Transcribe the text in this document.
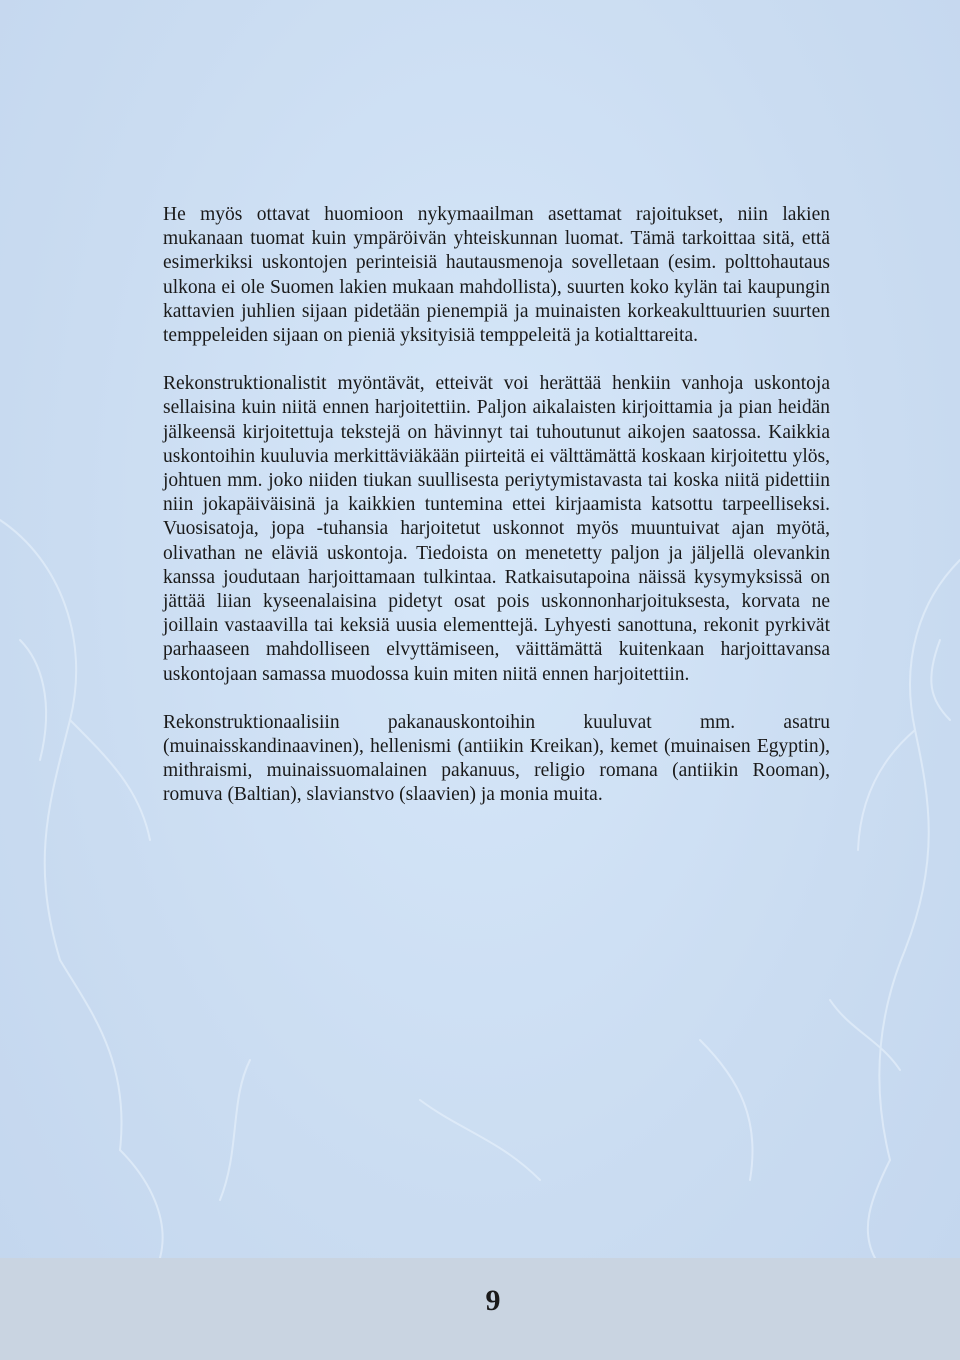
He myös ottavat huomioon nykymaailman asettamat rajoitukset, niin lakien mukanaan tuomat kuin ympäröivän yhteiskunnan luomat. Tämä tarkoittaa sitä, että esimerkiksi uskontojen perinteisiä hautausmenoja sovelletaan (esim. polttohautaus ulkona ei ole Suomen lakien mukaan mahdollista), suurten koko kylän tai kaupungin kattavien juhlien sijaan pidetään pienempiä ja muinaisten korkeakulttuurien suurten temppeleiden sijaan on pieniä yksityisiä temppeleitä ja kotialttareita.

Rekonstruktionalistit myöntävät, etteivät voi herättää henkiin vanhoja uskontoja sellaisina kuin niitä ennen harjoitettiin. Paljon aikalaisten kirjoittamia ja pian heidän jälkeensä kirjoitettuja tekstejä on hävinnyt tai tuhoutunut aikojen saatossa. Kaikkia uskontoihin kuuluvia merkittäviäkään piirteitä ei välttämättä koskaan kirjoitettu ylös, johtuen mm. joko niiden tiukan suullisesta periytymistavasta tai koska niitä pidettiin niin jokapäiväisinä ja kaikkien tuntemina ettei kirjaamista katsottu tarpeelliseksi. Vuosisatoja, jopa -tuhansia harjoitetut uskonnot myös muuntuivat ajan myötä, olivathan ne eläviä uskontoja. Tiedoista on menetetty paljon ja jäljellä olevankin kanssa joudutaan harjoittamaan tulkintaa. Ratkaisutapoina näissä kysymyksissä on jättää liian kyseenalaisina pidetyt osat pois uskonnonharjoituksesta, korvata ne joillain vastaavilla tai keksiä uusia elementtejä. Lyhyesti sanottuna, rekonit pyrkivät parhaaseen mahdolliseen elvyttämiseen, väittämättä kuitenkaan harjoittavansa uskontojaan samassa muodossa kuin miten niitä ennen harjoitettiin.

Rekonstruktionaalisiin pakanauskontoihin kuuluvat mm. asatru (muinaisskandinaavinen), hellenismi (antiikin Kreikan), kemet (muinaisen Egyptin), mithraismi, muinaissuomalainen pakanuus, religio romana (antiikin Rooman), romuva (Baltian), slavianstvo (slaavien) ja monia muita.

9
